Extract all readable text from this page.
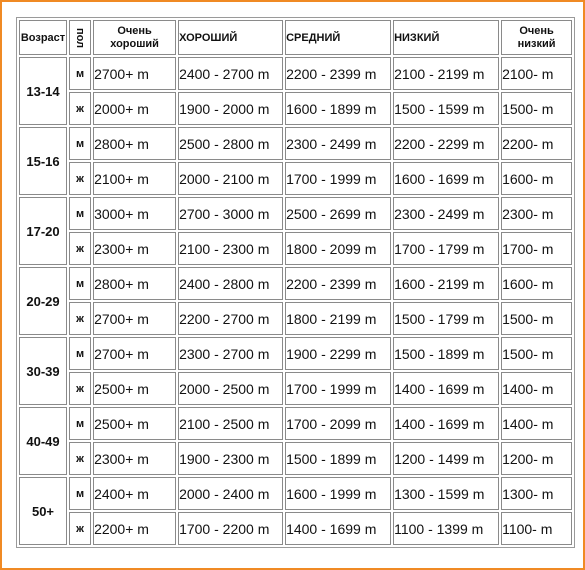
Возраст	пол	Очень хороший	ХОРОШИЙ	СРЕДНИЙ	НИЗКИЙ	Очень низкий
13-14	м	2700+ m	2400 - 2700 m	2200 - 2399 m	2100 - 2199 m	2100- m
	ж	2000+ m	1900 - 2000 m	1600 - 1899 m	1500 - 1599 m	1500- m
15-16	м	2800+ m	2500 - 2800 m	2300 - 2499 m	2200 - 2299 m	2200- m
	ж	2100+ m	2000 - 2100 m	1700 - 1999 m	1600 - 1699 m	1600- m
17-20	м	3000+ m	2700 - 3000 m	2500 - 2699 m	2300 - 2499 m	2300- m
	ж	2300+ m	2100 - 2300 m	1800 - 2099 m	1700 - 1799 m	1700- m
20-29	м	2800+ m	2400 - 2800 m	2200 - 2399 m	1600 - 2199 m	1600- m
	ж	2700+ m	2200 - 2700 m	1800 - 2199 m	1500 - 1799 m	1500- m
30-39	м	2700+ m	2300 - 2700 m	1900 - 2299 m	1500 - 1899 m	1500- m
	ж	2500+ m	2000 - 2500 m	1700 - 1999 m	1400 - 1699 m	1400- m
40-49	м	2500+ m	2100 - 2500 m	1700 - 2099 m	1400 - 1699 m	1400- m
	ж	2300+ m	1900 - 2300 m	1500 - 1899 m	1200 - 1499 m	1200- m
50+	м	2400+ m	2000 - 2400 m	1600 - 1999 m	1300 - 1599 m	1300- m
	ж	2200+ m	1700 - 2200 m	1400 - 1699 m	1100 - 1399 m	1100- m
